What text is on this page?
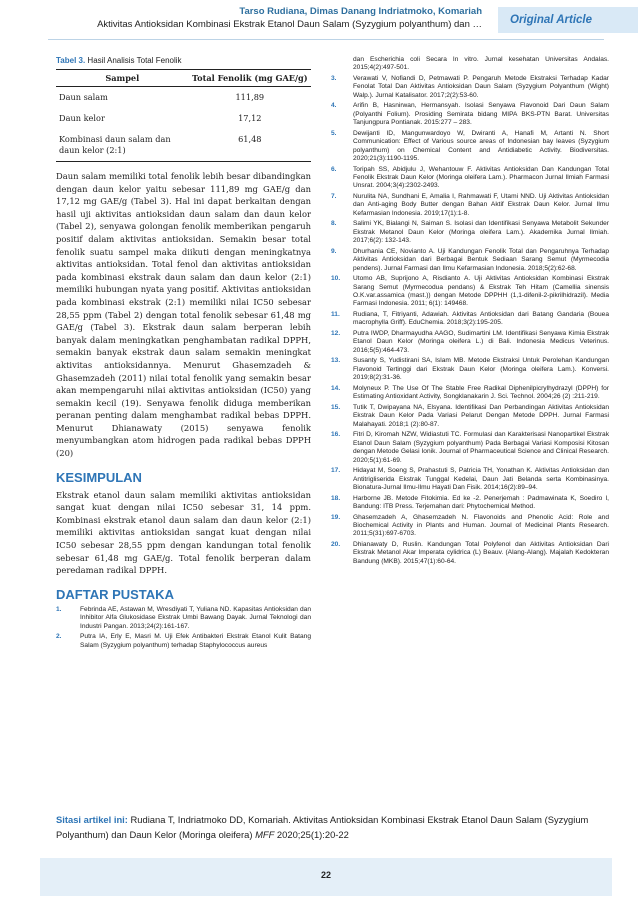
Tarso Rudiana, Dimas Danang Indriatmoko, Komariah
Aktivitas Antioksidan Kombinasi Ekstrak Etanol Daun Salam (Syzygium polyanthum) dan …	Original Article
Tabel 3. Hasil Analisis Total Fenolik
Sampel	Total Fenolik (mg GAE/g)
Daun salam	111,89
Daun kelor	17,12
Kombinasi daun salam dan daun kelor (2:1)	61,48

Daun salam memiliki total fenolik lebih besar dibandingkan dengan daun kelor yaitu sebesar 111,89 mg GAE/g dan 17,12 mg GAE/g (Tabel 3). Hal ini dapat berkaitan dengan hasil uji aktivitas antioksidan daun salam dan daun kelor (Tabel 2), senyawa golongan fenolik memberikan pengaruh positif dalam aktivitas antioksidan. Semakin besar total fenolik suatu sampel maka diikuti dengan meningkatnya aktivitas antioksidan. Total fenol dan aktivitas antioksidan pada kombinasi ekstrak daun salam dan daun kelor (2:1) memiliki hubungan nyata yang positif. Aktivitas antioksidan pada kombinasi ekstrak (2:1) memiliki nilai IC50 sebesar 28,55 ppm (Tabel 2) dengan total fenolik sebesar 61,48 mg GAE/g (Tabel 3). Ekstrak daun salam berperan lebih banyak dalam meningkatkan penghambatan radikal DPPH, semakin banyak ekstrak daun salam semakin meningkat aktivitas antioksidannya. Menurut Ghasemzadeh & Ghasemzadeh (2011) nilai total fenolik yang semakin besar akan mempengaruhi nilai aktivitas antioksidan (IC50) yang semakin kecil (19). Senyawa fenolik diduga memberikan peranan penting dalam menghambat radikal bebas DPPH. Menurut Dhianawaty (2015) senyawa fenolik menyumbangkan atom hidrogen pada radikal bebas DPPH (20)

KESIMPULAN

Ekstrak etanol daun salam memiliki aktivitas antioksidan sangat kuat dengan nilai IC50 sebesar 31, 14 ppm. Kombinasi ekstrak etanol daun salam dan daun kelor (2:1) memiliki aktivitas antioksidan sangat kuat dengan nilai IC50 sebesar 28,55 ppm dengan kandungan total fenolik sebesar 61,48 mg GAE/g. Total fenolik berperan dalam peredaman radikal DPPH.

DAFTAR PUSTAKA
1.	Febrinda AE, Astawan M, Wresdiyati T, Yuliana ND. Kapasitas Antioksidan dan Inhibitor Alfa Glukosidase Ekstrak Umbi Bawang Dayak. Jurnal Teknologi dan Industri Pangan. 2013;24(2):161-167.
2.	Putra IA, Erly E, Masri M. Uji Efek Antibakteri Ekstrak Etanol Kulit Batang Salam (Syzygium polyanthum) terhadap Staphylococcus aureus
dan Escherichia coli Secara In vitro. Jurnal kesehatan Universitas Andalas. 2015;4(2):497-501.
3.	Verawati V, Nofiandi D, Petmawati P. Pengaruh Metode Ekstraksi Terhadap Kadar Fenolat Total Dan Aktivitas Antioksidan Daun Salam (Syzygium Polyanthum (Wight) Walp.). Jurnal Katalisator. 2017;2(2):53-60.
4.	Arifin B, Hasnirwan, Hermansyah. Isolasi Senyawa Flavonoid Dari Daun Salam (Polyanthi Folium). Prosiding Semirata bidang MIPA BKS-PTN Barat. Universitas Tanjungpura Pontianak. 2015:277 – 283.
5.	Dewijanti ID, Mangunwardoyo W, Dwiranti A, Hanafi M, Artanti N. Short Communication: Effect of Various source areas of Indonesian bay leaves (Syzygium polyanthum) on Chemical Content and Antidiabetic Activity. Biodiversitas. 2020;21(3):1190-1195.
6.	Toripah SS, Abidjulu J, Wehantouw F. Aktivitas Antioksidan Dan Kandungan Total Fenolik Ekstrak Daun Kelor (Moringa oleifera Lam.). Pharmacon Jurnal Ilmiah Farmasi Unsrat. 2004;3(4):2302-2493.
7.	Nurulita NA, Sundhani E, Amalia I, Rahmawati F, Utami NND. Uji Aktivitas Antioksidan dan Anti-aging Body Butter dengan Bahan Aktif Ekstrak Daun Kelor. Jurnal Ilmu Kefarmasian Indonesia. 2019;17(1):1-8.
8.	Salimi YK, Bialangi N, Saiman S. Isolasi dan Identifikasi Senyawa Metabolit Sekunder Ekstrak Metanol Daun Kelor (Moringa oleifera Lam.). Akademika Jurnal Ilmiah. 2017;6(2): 132-143.
9.	Dhurhania CE, Novianto A. Uji Kandungan Fenolik Total dan Pengaruhnya Terhadap Aktivitas Antioksidan dari Berbagai Bentuk Sediaan Sarang Semut (Myrmecodia pendens). Jurnal Farmasi dan Ilmu Kefarmasian Indonesia. 2018;5(2):62-68.
10. Utomo AB, Suprijono A, Risdianto A. Uji Aktivitas Antioksidan Kombinasi Ekstrak Sarang Semut (Myrmecodua pendans) & Ekstrak Teh Hitam (Camellia sinensis O.K.var.assamica (mast.)) dengan Metode DPPHH (1,1-difenil-2-pikrilhidrazil). Media Farmasi Indonesia. 2011; 6(1): 149468.
11. Rudiana, T, Fitriyanti, Adawiah. Aktivitas Antioksidan dari Batang Gandaria (Bouea macrophylla Griff). EduChemia. 2018;3(2):195-205.
12. Putra IWDP, Dharmayudha AAGO, Sudimartini LM. Identifikasi Senyawa Kimia Ekstrak Etanol Daun Kelor (Moringa oleifera L.) di Bali. Indonesia Medicus Veterinus. 2016;5(5):464-473.
13. Susanty S, Yudistirani SA, Islam MB. Metode Ekstraksi Untuk Perolehan Kandungan Flavonoid Tertinggi dari Ekstrak Daun Kelor (Moringa oleifera Lam.). Konversi. 2019;8(2):31-36.
14. Molyneux P. The Use Of The Stable Free Radikal Diphenilpicrylhydrazyl (DPPH) for Estimating Antioxidant Activity, Songklanakarin J. Sci. Technol. 2004;26 (2) :211-219.
15. Tutik T, Dwipayana NA, Elsyana. Identifikasi Dan Perbandingan Aktivitas Antioksidan Ekstrak Daun Kelor Pada Variasi Pelarut Dengan Metode DPPH. Jurnal Farmasi Malahayati. 2018;1 (2):80-87.
16. Fitri D, Kiromah NZW, Widiastuti TC. Formulasi dan Karakterisasi Nanopartikel Ekstrak Etanol Daun Salam (Syzygium polyanthum) Pada Berbagai Variasi Komposisi Kitosan dengan Metode Gelasi Ionik. Journal of Pharmaceutical Science and Clinical Research. 2020;5(1):61-69.
17. Hidayat M, Soeng S, Prahastuti S, Patricia TH, Yonathan K. Aktivitas Antioksidan dan Antitrigliserida Ekstrak Tunggal Kedelai, Daun Jati Belanda serta Kombinasinya. Bionatura-Jurnal Ilmu-Ilmu Hayati Dan Fisik. 2014;16(2):89–94.
18. Harborne JB. Metode Fitokimia. Ed ke -2. Penerjemah : Padmawinata K, Soediro I, Bandung: ITB Press. Terjemahan dari: Phytochemical Method.
19. Ghasemzadeh A, Ghasemzadeh N. Flavonoids and Phenolic Acid: Role and Biochemical Activity in Plants and Human. Journal of Medicinal Plants Research. 2011;5(31):697-6703.
20. Dhianawaty D, Ruslin. Kandungan Total Polyfenol dan Aktivitas Antioksidan Dari Ekstrak Metanol Akar Imperata cylidrica (L) Beauv. (Alang-Alang). Majalah Kedokteran Bandung (MKB). 2015;47(1):60-64.
Sitasi artikel ini: Rudiana T, Indriatmoko DD, Komariah. Aktivitas Antioksidan Kombinasi Ekstrak Etanol Daun Salam (Syzygium Polyanthum) dan Daun Kelor (Moringa oleifera) MFF 2020;25(1):20-22
22
